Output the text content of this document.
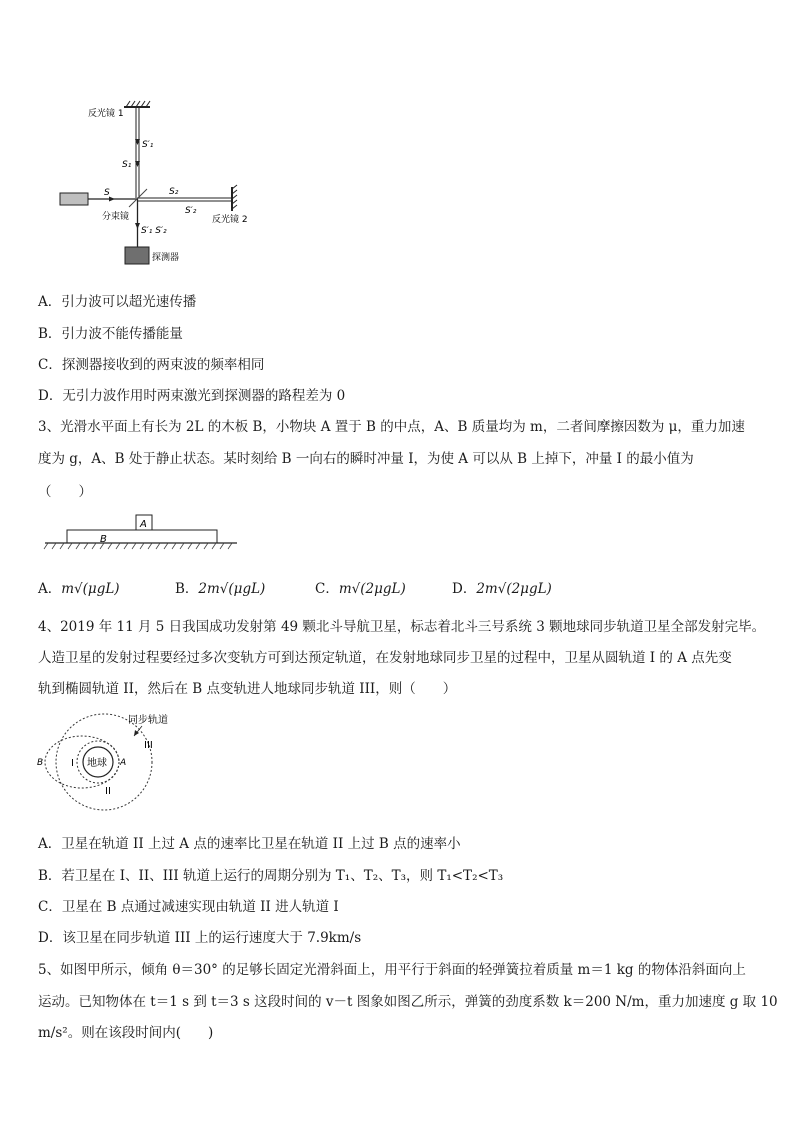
反光镜 1
反光镜 2
分束镜
探测器
S
S′₁
S₁
S₂
S′₂
S′₁ S′₂
A．引力波可以超光速传播
B．引力波不能传播能量
C．探测器接收到的两束波的频率相同
D．无引力波作用时两束激光到探测器的路程差为 0
3、光滑水平面上有长为 2L 的木板 B，小物块 A 置于 B 的中点，A、B 质量均为 m，二者间摩擦因数为 μ，重力加速
度为 g，A、B 处于静止状态。某时刻给 B 一向右的瞬时冲量 I，为使 A 可以从 B 上掉下，冲量 I 的最小值为
（　　）
A
B
A．m√(μgL)	B．2m√(μgL)	C．m√(2μgL)	D．2m√(2μgL)
4、2019 年 11 月 5 日我国成功发射第 49 颗北斗导航卫星，标志着北斗三号系统 3 颗地球同步轨道卫星全部发射完毕。
人造卫星的发射过程要经过多次变轨方可到达预定轨道，在发射地球同步卫星的过程中，卫星从圆轨道 I 的 A 点先变
轨到椭圆轨道 II，然后在 B 点变轨进人地球同步轨道 III，则（　　）
地球
I
II
III
A
B
同步轨道
A．卫星在轨道 II 上过 A 点的速率比卫星在轨道 II 上过 B 点的速率小
B．若卫星在 I、II、III 轨道上运行的周期分别为 T₁、T₂、T₃，则 T₁<T₂<T₃
C．卫星在 B 点通过减速实现由轨道 II 进人轨道 I
D．该卫星在同步轨道 III 上的运行速度大于 7.9km/s
5、如图甲所示，倾角 θ＝30° 的足够长固定光滑斜面上，用平行于斜面的轻弹簧拉着质量 m＝1 kg 的物体沿斜面向上
运动。已知物体在 t＝1 s 到 t＝3 s 这段时间的 v－t 图象如图乙所示，弹簧的劲度系数 k＝200 N/m，重力加速度 g 取 10
m/s²。则在该段时间内(　　)
